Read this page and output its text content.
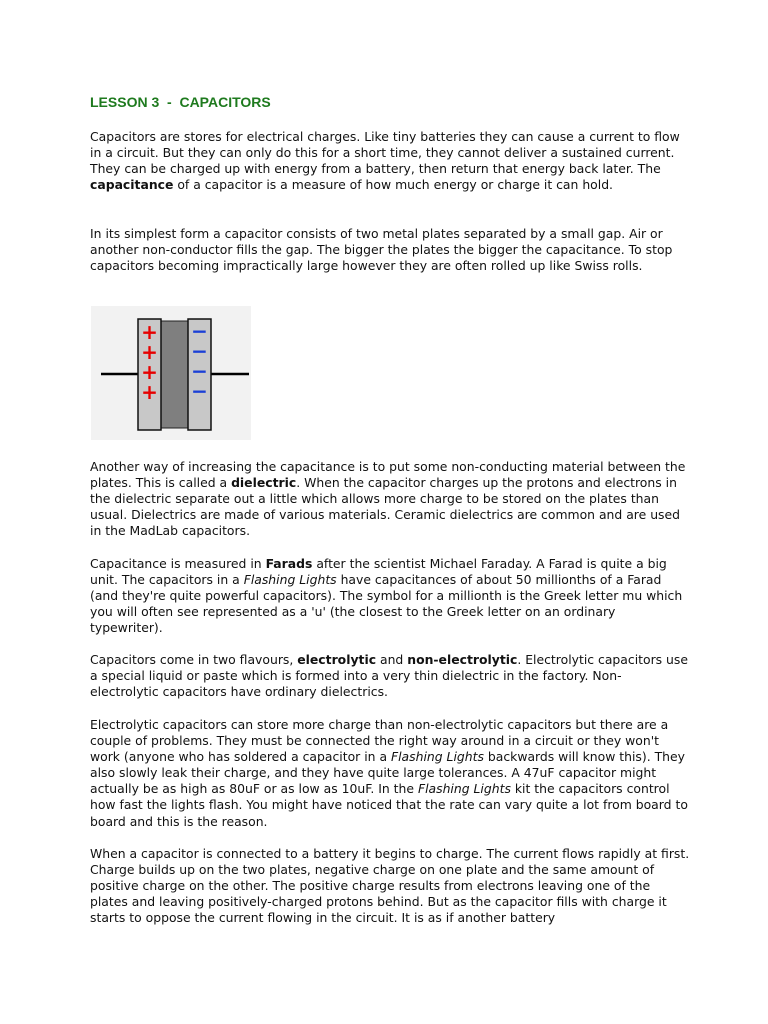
LESSON 3  -  CAPACITORS

Capacitors are stores for electrical charges. Like tiny batteries they can cause a current to flow in a circuit. But they can only do this for a short time, they cannot deliver a sustained current. They can be charged up with energy from a battery, then return that energy back later. The capacitance of a capacitor is a measure of how much energy or charge it can hold.

In its simplest form a capacitor consists of two metal plates separated by a small gap. Air or another non-conductor fills the gap. The bigger the plates the bigger the capacitance. To stop capacitors becoming impractically large however they are often rolled up like Swiss rolls.

+
+
+
+
−
−
−
−

Another way of increasing the capacitance is to put some non-conducting material between the plates. This is called a dielectric. When the capacitor charges up the protons and electrons in the dielectric separate out a little which allows more charge to be stored on the plates than usual. Dielectrics are made of various materials. Ceramic dielectrics are common and are used in the MadLab capacitors.

Capacitance is measured in Farads after the scientist Michael Faraday. A Farad is quite a big unit. The capacitors in a Flashing Lights have capacitances of about 50 millionths of a Farad (and they're quite powerful capacitors). The symbol for a millionth is the Greek letter mu which you will often see represented as a 'u' (the closest to the Greek letter on an ordinary typewriter).

Capacitors come in two flavours, electrolytic and non-electrolytic. Electrolytic capacitors use a special liquid or paste which is formed into a very thin dielectric in the factory. Non-electrolytic capacitors have ordinary dielectrics.

Electrolytic capacitors can store more charge than non-electrolytic capacitors but there are a couple of problems. They must be connected the right way around in a circuit or they won't work (anyone who has soldered a capacitor in a Flashing Lights backwards will know this). They also slowly leak their charge, and they have quite large tolerances. A 47uF capacitor might actually be as high as 80uF or as low as 10uF. In the Flashing Lights kit the capacitors control how fast the lights flash. You might have noticed that the rate can vary quite a lot from board to board and this is the reason.

When a capacitor is connected to a battery it begins to charge. The current flows rapidly at first. Charge builds up on the two plates, negative charge on one plate and the same amount of positive charge on the other. The positive charge results from electrons leaving one of the plates and leaving positively-charged protons behind. But as the capacitor fills with charge it starts to oppose the current flowing in the circuit. It is as if another battery
